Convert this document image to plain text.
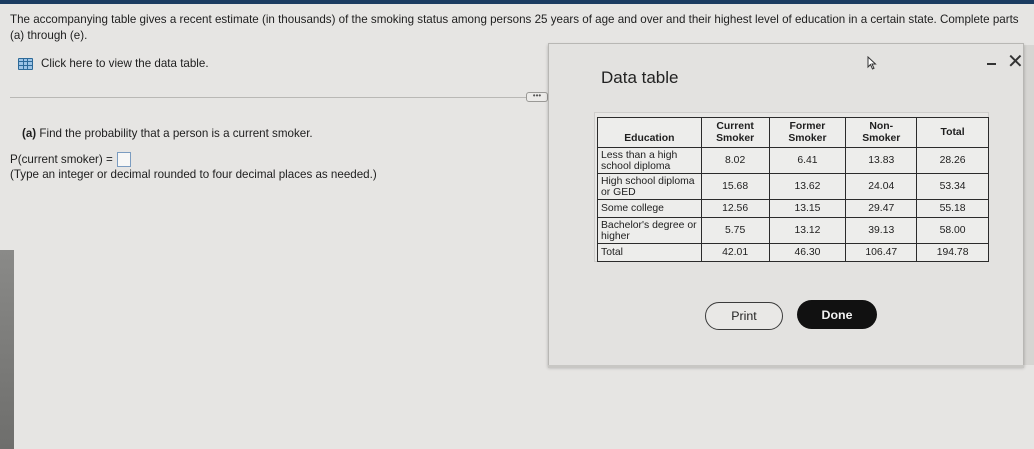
The accompanying table gives a recent estimate (in thousands) of the smoking status among persons 25 years of age and over and their highest level of education in a certain state. Complete parts (a) through (e).
Click here to view the data table.
•••
(a) Find the probability that a person is a current smoker.
P(current smoker) =
(Type an integer or decimal rounded to four decimal places as needed.)
Data table
✕
Education	Current Smoker	Former Smoker	Non- Smoker	Total
Less than a high school diploma	8.02	6.41	13.83	28.26
High school diploma or GED	15.68	13.62	24.04	53.34
Some college	12.56	13.15	29.47	55.18
Bachelor's degree or higher	5.75	13.12	39.13	58.00
Total	42.01	46.30	106.47	194.78
Print	Done
